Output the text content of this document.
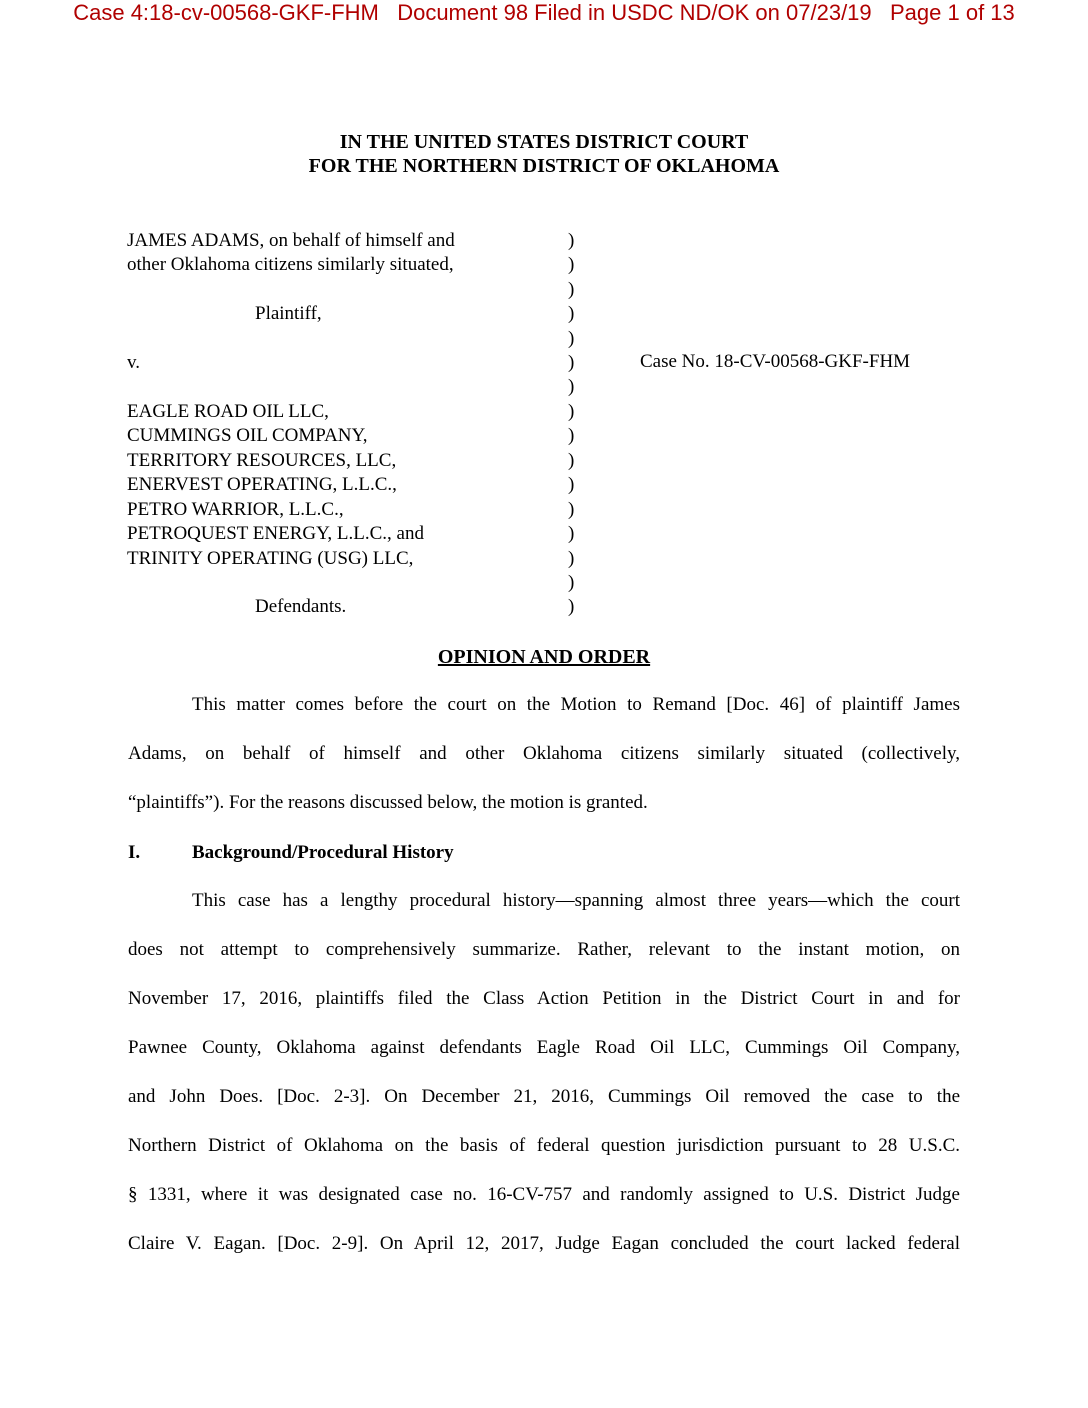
Case 4:18-cv-00568-GKF-FHM   Document 98 Filed in USDC ND/OK on 07/23/19   Page 1 of 13
IN THE UNITED STATES DISTRICT COURT
FOR THE NORTHERN DISTRICT OF OKLAHOMA
JAMES ADAMS, on behalf of himself and
other Oklahoma citizens similarly situated,
Plaintiff,
v.
EAGLE ROAD OIL LLC,
CUMMINGS OIL COMPANY,
TERRITORY RESOURCES, LLC,
ENERVEST OPERATING, L.L.C.,
PETRO WARRIOR, L.L.C.,
PETROQUEST ENERGY, L.L.C., and
TRINITY OPERATING (USG) LLC,
Defendants.
)
)
)
)
)
)
)
)
)
)
)
)
)
)
)
)
Case No. 18-CV-00568-GKF-FHM
OPINION AND ORDER
This matter comes before the court on the Motion to Remand [Doc. 46] of plaintiff James
Adams, on behalf of himself and other Oklahoma citizens similarly situated (collectively,
“plaintiffs”). For the reasons discussed below, the motion is granted.
I.	Background/Procedural History
This case has a lengthy procedural history—spanning almost three years—which the court
does not attempt to comprehensively summarize. Rather, relevant to the instant motion, on
November 17, 2016, plaintiffs filed the Class Action Petition in the District Court in and for
Pawnee County, Oklahoma against defendants Eagle Road Oil LLC, Cummings Oil Company,
and John Does. [Doc. 2-3]. On December 21, 2016, Cummings Oil removed the case to the
Northern District of Oklahoma on the basis of federal question jurisdiction pursuant to 28 U.S.C.
§ 1331, where it was designated case no. 16-CV-757 and randomly assigned to U.S. District Judge
Claire V. Eagan. [Doc. 2-9]. On April 12, 2017, Judge Eagan concluded the court lacked federal
